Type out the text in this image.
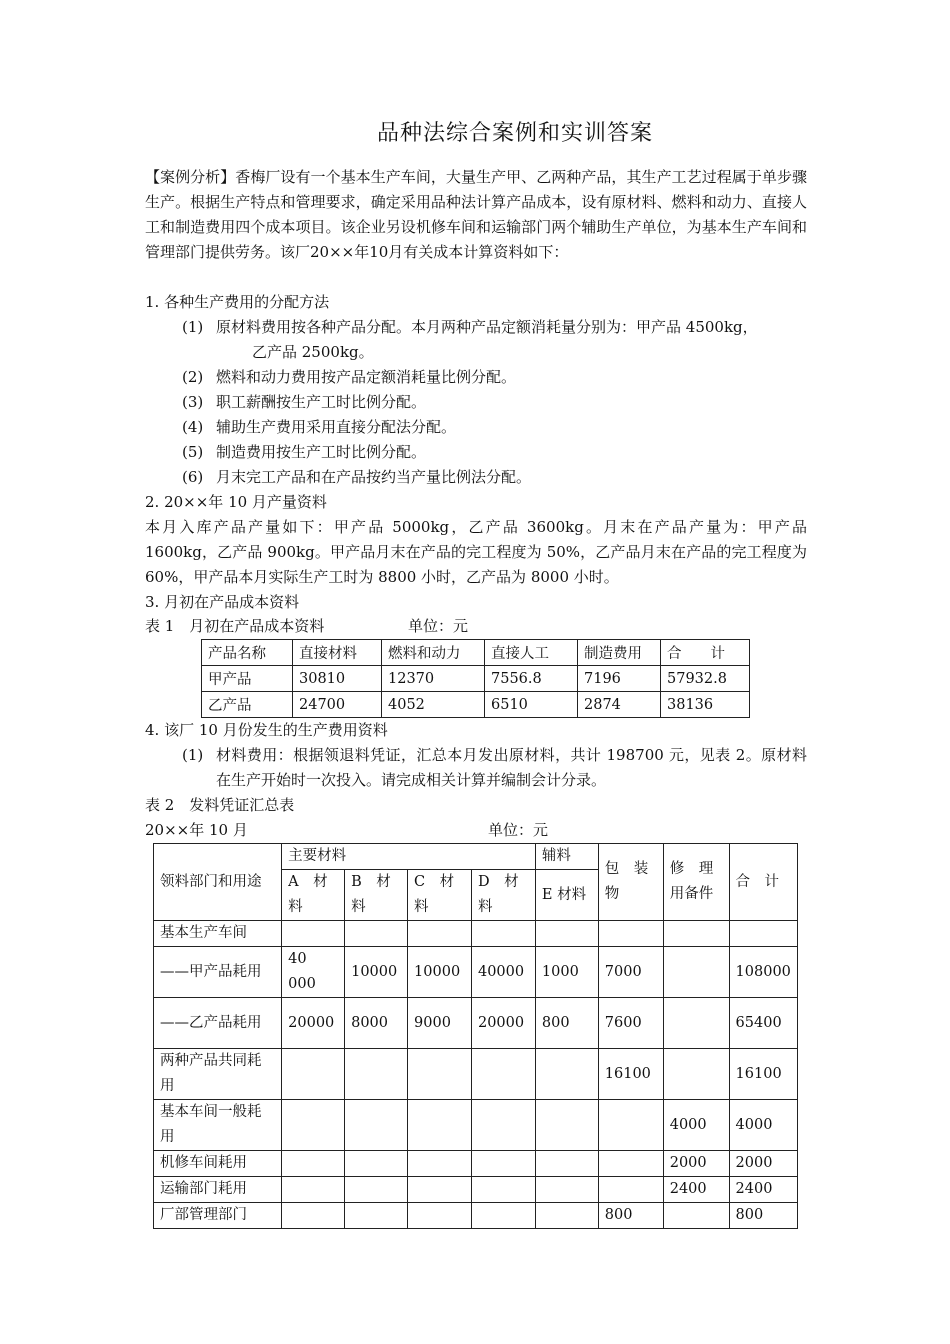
品种法综合案例和实训答案
【案例分析】香梅厂设有一个基本生产车间，大量生产甲、乙两种产品，其生产工艺过程属于单步骤生产。根据生产特点和管理要求，确定采用品种法计算产品成本，设有原材料、燃料和动力、直接人工和制造费用四个成本项目。该企业另设机修车间和运输部门两个辅助生产单位，为基本生产车间和管理部门提供劳务。该厂20××年10月有关成本计算资料如下：
1. 各种生产费用的分配方法
(1) 原材料费用按各种产品分配。本月两种产品定额消耗量分别为：甲产品 4500kg，
乙产品 2500kg。
(2) 燃料和动力费用按产品定额消耗量比例分配。
(3) 职工薪酬按生产工时比例分配。
(4) 辅助生产费用采用直接分配法分配。
(5) 制造费用按生产工时比例分配。
(6) 月末完工产品和在产品按约当产量比例法分配。
2. 20××年 10 月产量资料
本月入库产品产量如下：甲产品 5000kg，乙产品 3600kg。月末在产品产量为：甲产品 1600kg，乙产品 900kg。甲产品月末在产品的完工程度为 50%，乙产品月末在产品的完工程度为 60%，甲产品本月实际生产工时为 8800 小时，乙产品为 8000 小时。
3. 月初在产品成本资料
表 1　月初在产品成本资料	单位：元
产品名称	直接材料	燃料和动力	直接人工	制造费用	合　　计
甲产品	30810	12370	7556.8	7196	57932.8
乙产品	24700	4052	6510	2874	38136
4. 该厂 10 月份发生的生产费用资料
(1) 材料费用：根据领退料凭证，汇总本月发出原材料，共计 198700 元，见表 2。原材料在生产开始时一次投入。请完成相关计算并编制会计分录。
表 2　发料凭证汇总表
20××年 10 月	单位：元
领料部门和用途	主要材料				辅料	包　装物	修　理用备件	合　计
	A　材料	B　材料	C　材料	D　材料	E 材料			
基本生产车间								
——甲产品耗用	40 000	10000	10000	40000	1000	7000		108000
——乙产品耗用	20000	8000	9000	20000	800	7600		65400
两种产品共同耗用						16100		16100
基本车间一般耗用							4000	4000
机修车间耗用							2000	2000
运输部门耗用							2400	2400
厂部管理部门						800		800
